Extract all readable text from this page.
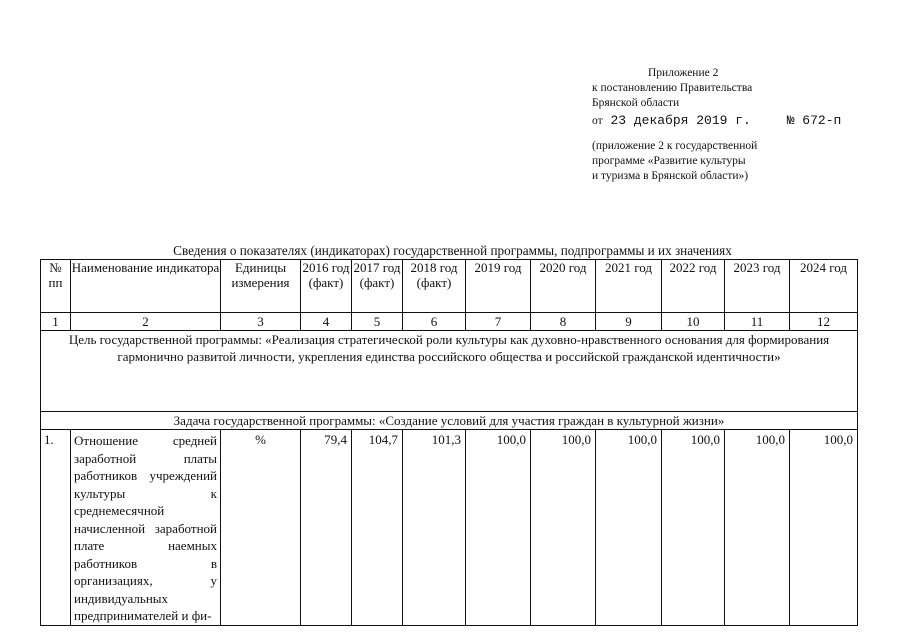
Приложение 2
к постановлению Правительства
Брянской области
от 23 декабря 2019 г.	№ 672-п
(приложение 2 к государственной
программе «Развитие культуры
и туризма в Брянской области»)
Сведения о показателях (индикаторах) государственной программы, подпрограммы и их значениях
№ пп	Наименование индикатора	Единицы измерения	2016 год (факт)	2017 год (факт)	2018 год (факт)	2019 год	2020 год	2021 год	2022 год	2023 год	2024 год
1	2	3	4	5	6	7	8	9	10	11	12
Цель государственной программы: «Реализация стратегической роли культуры как духовно-нравственного основания для формирования гармонично развитой личности, укрепления единства российского общества и российской гражданской идентичности»											
Задача государственной программы: «Создание условий для участия граждан в культурной жизни»											
1.	Отношение средней заработной платы работников учреждений культуры к среднемесячной начисленной заработной плате наемных работников в организациях, у индивидуальных предпринимателей и фи-	%	79,4	104,7	101,3	100,0	100,0	100,0	100,0	100,0	100,0
